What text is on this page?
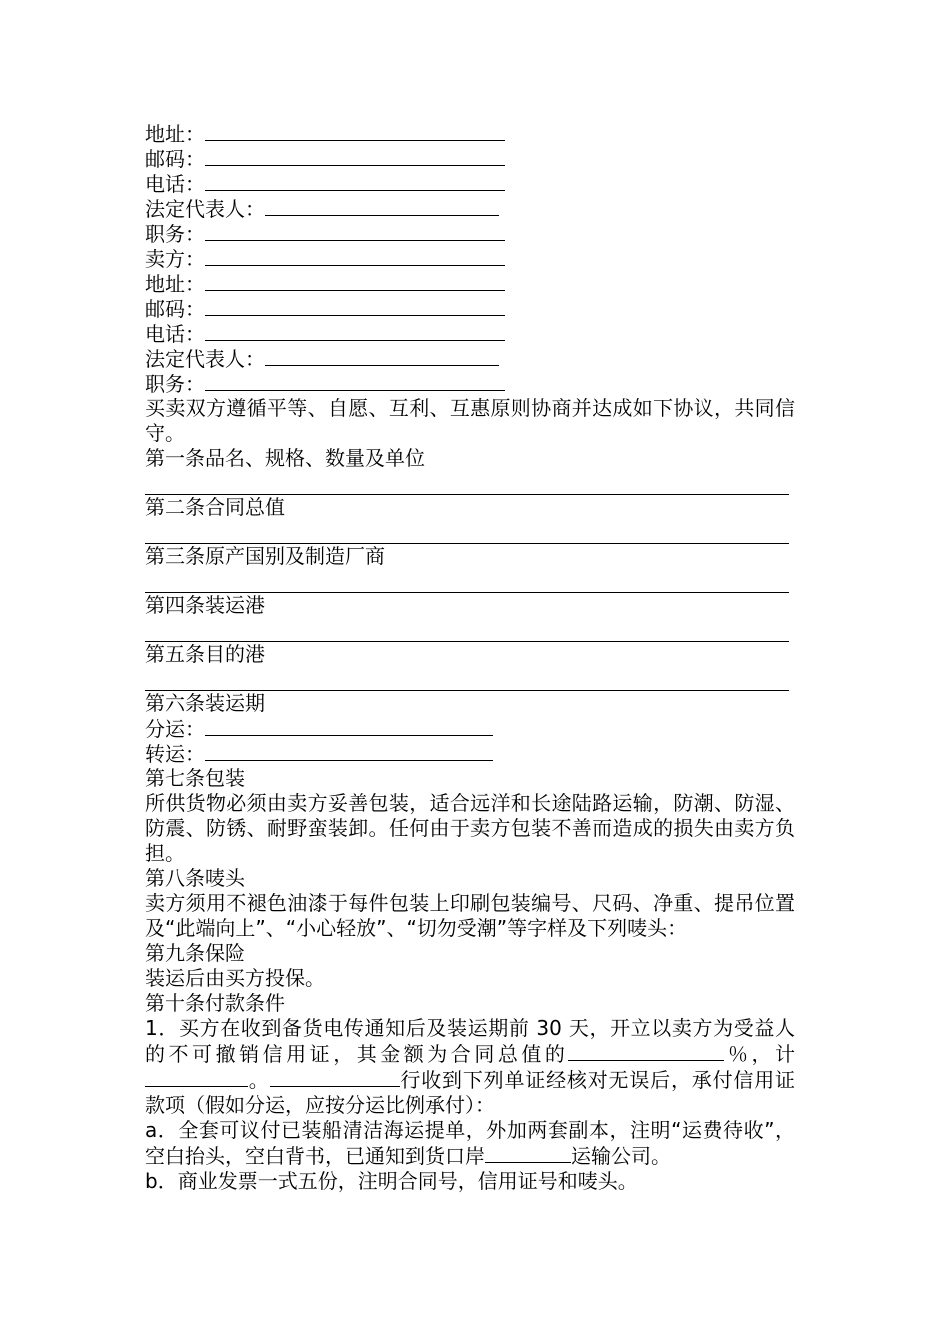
地址：
邮码：
电话：
法定代表人：
职务：
卖方：
地址：
邮码：
电话：
法定代表人：
职务：
买卖双方遵循平等、自愿、互利、互惠原则协商并达成如下协议，共同信守。
第一条品名、规格、数量及单位
第二条合同总值
第三条原产国别及制造厂商
第四条装运港
第五条目的港
第六条装运期
分运：
转运：
第七条包装
所供货物必须由卖方妥善包装，适合远洋和长途陆路运输，防潮、防湿、防震、防锈、耐野蛮装卸。任何由于卖方包装不善而造成的损失由卖方负担。
第八条唛头
卖方须用不褪色油漆于每件包装上印刷包装编号、尺码、净重、提吊位置及“此端向上”、“小心轻放”、“切勿受潮”等字样及下列唛头：
第九条保险
装运后由买方投保。
第十条付款条件
1．买方在收到备货电传通知后及装运期前 30 天，开立以卖方为受益人的不可撤销信用证，其金额为合同总值的	％，计。	行收到下列单证经核对无误后，承付信用证款项（假如分运，应按分运比例承付）：
a．全套可议付已装船清洁海运提单，外加两套副本，注明“运费待收”，空白抬头，空白背书，已通知到货口岸	运输公司。
b．商业发票一式五份，注明合同号，信用证号和唛头。
